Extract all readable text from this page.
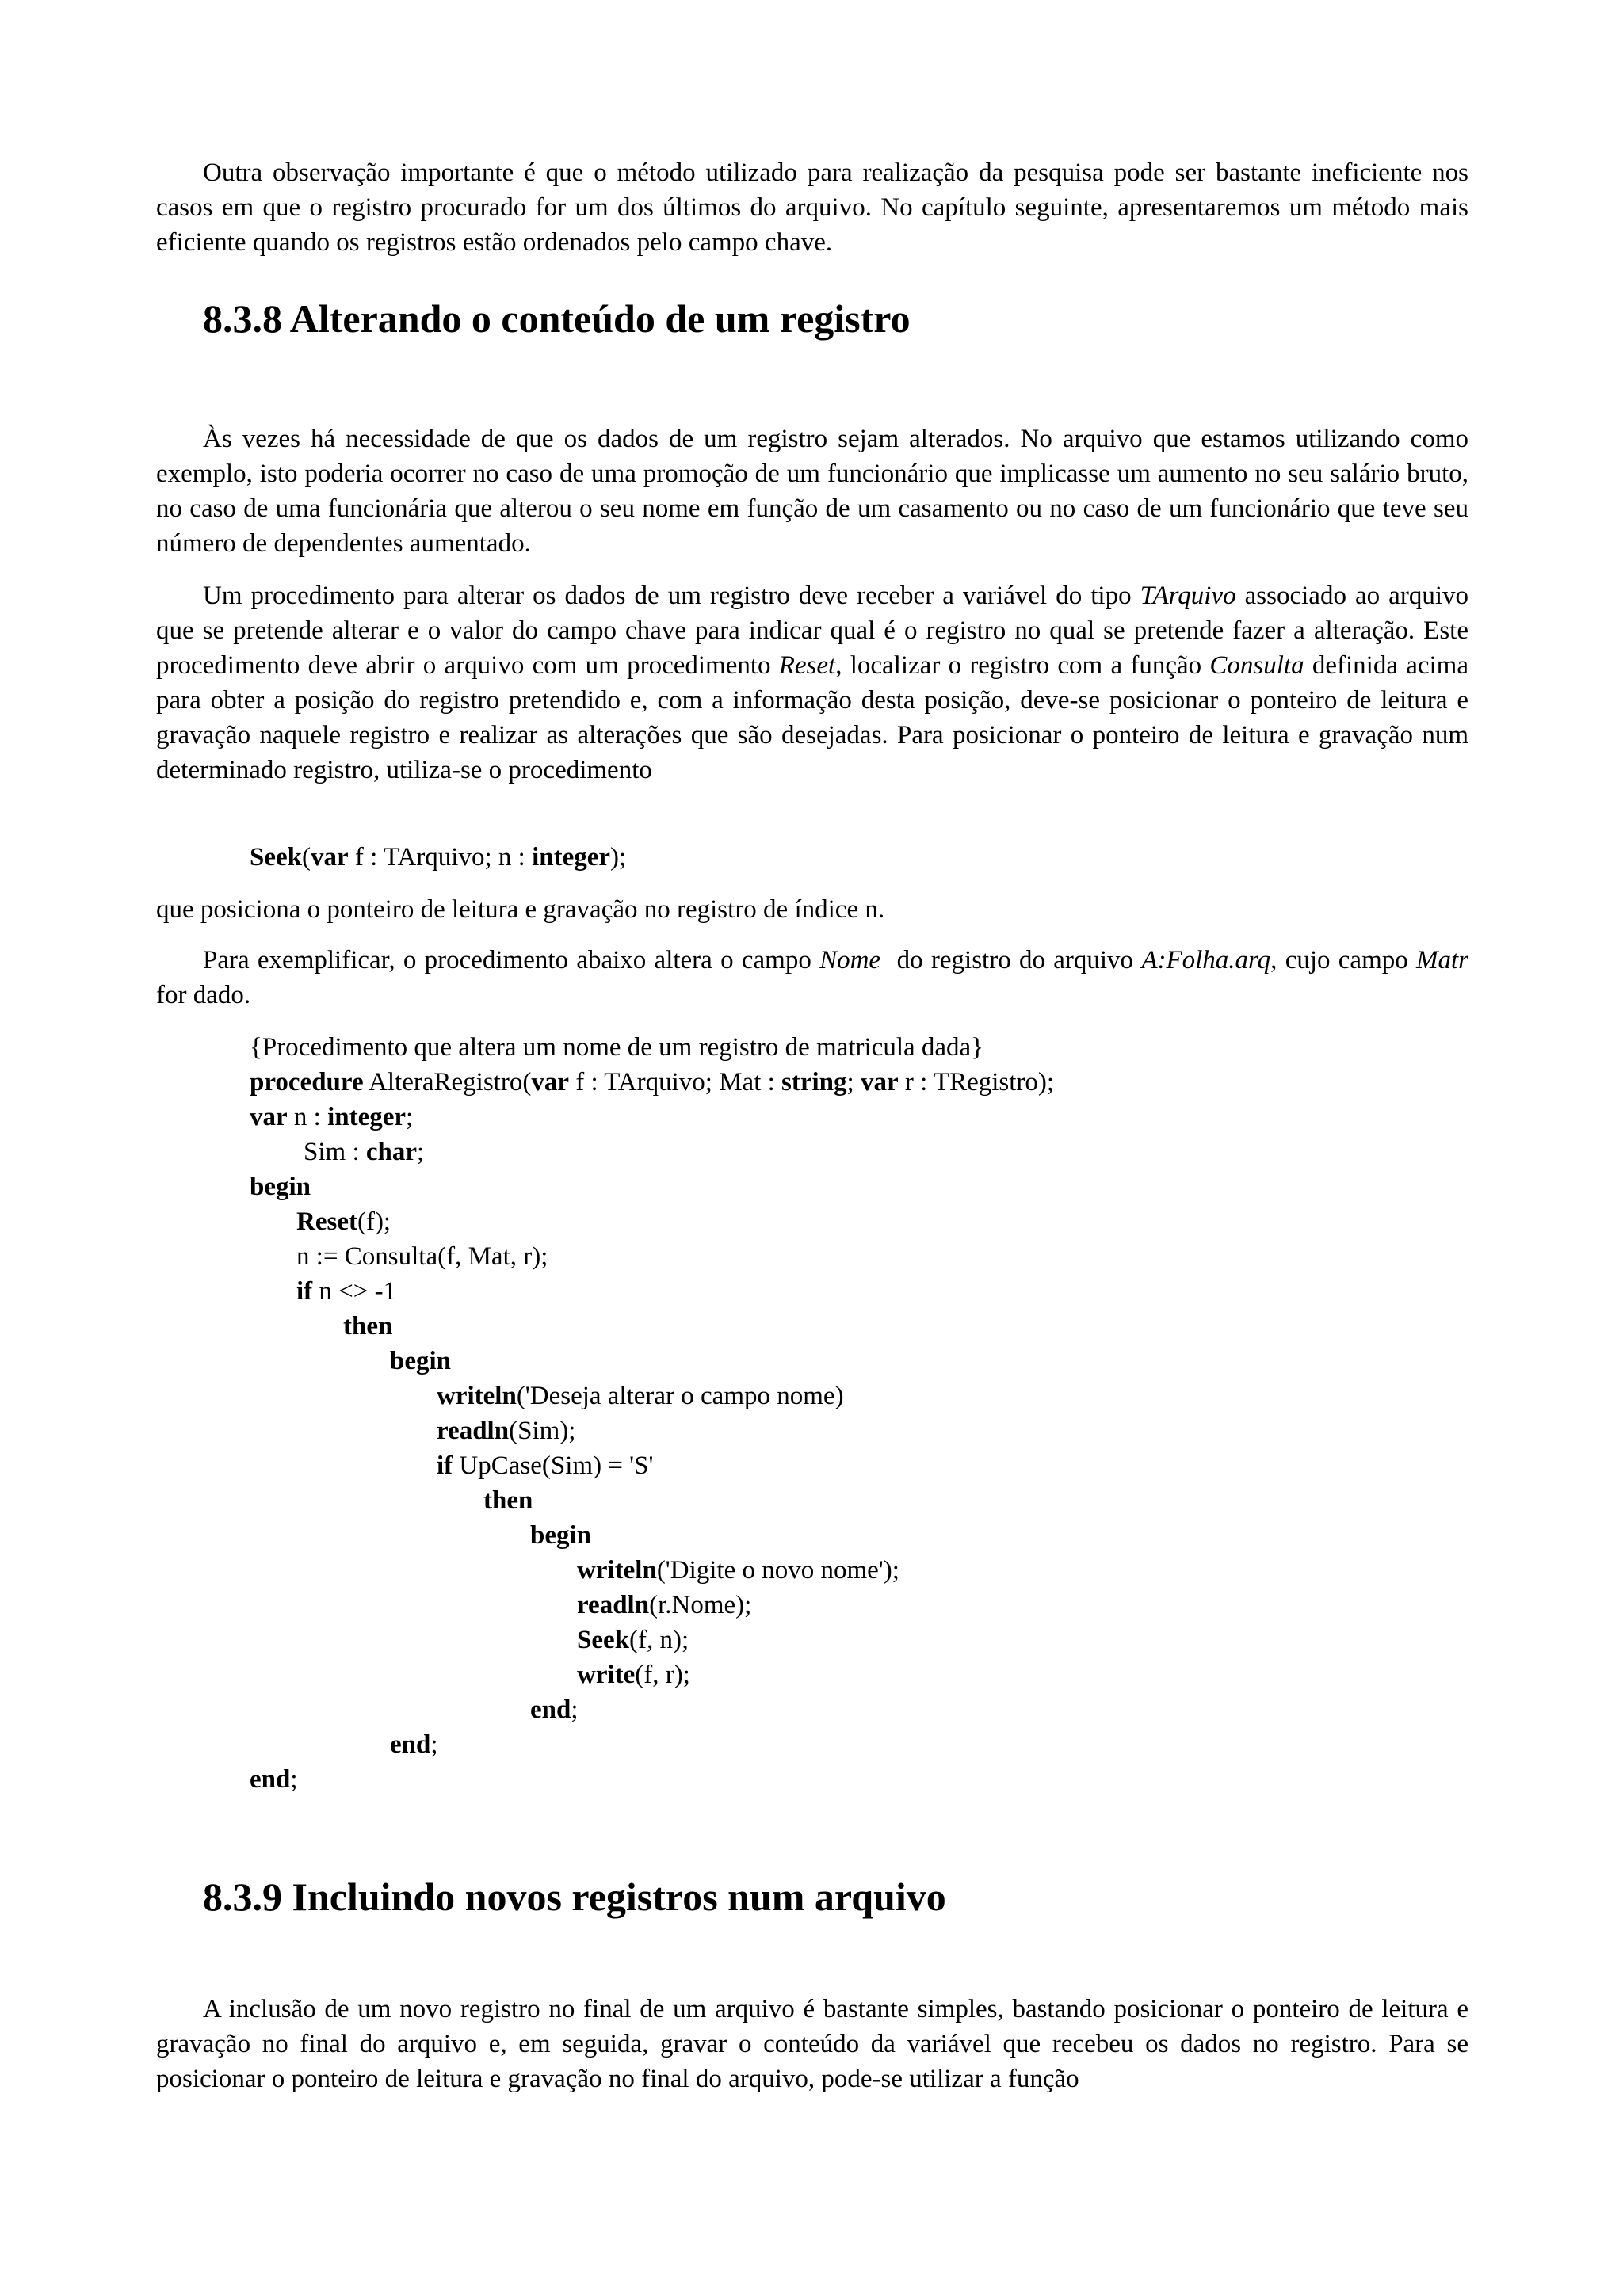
Outra observação importante é que o método utilizado para realização da pesquisa pode ser bastante ineficiente nos casos em que o registro procurado for um dos últimos do arquivo. No capítulo seguinte, apresentaremos um método mais eficiente quando os registros estão ordenados pelo campo chave.

8.3.8 Alterando o conteúdo de um registro

Às vezes há necessidade de que os dados de um registro sejam alterados. No arquivo que estamos utilizando como exemplo, isto poderia ocorrer no caso de uma promoção de um funcionário que implicasse um aumento no seu salário bruto, no caso de uma funcionária que alterou o seu nome em função de um casamento ou no caso de um funcionário que teve seu número de dependentes aumentado.

Um procedimento para alterar os dados de um registro deve receber a variável do tipo TArquivo associado ao arquivo que se pretende alterar e o valor do campo chave para indicar qual é o registro no qual se pretende fazer a alteração. Este procedimento deve abrir o arquivo com um procedimento Reset, localizar o registro com a função Consulta definida acima para obter a posição do registro pretendido e, com a informação desta posição, deve-se posicionar o ponteiro de leitura e gravação naquele registro e realizar as alterações que são desejadas. Para posicionar o ponteiro de leitura e gravação num determinado registro, utiliza-se o procedimento

Seek(var f : TArquivo; n : integer);

que posiciona o ponteiro de leitura e gravação no registro de índice n.

Para exemplificar, o procedimento abaixo altera o campo Nome  do registro do arquivo A:Folha.arq, cujo campo Matr for dado.

{Procedimento que altera um nome de um registro de matricula dada}

procedure AlteraRegistro(var f : TArquivo; Mat : string; var r : TRegistro);

var n : integer;

Sim : char;

begin

Reset(f);

n := Consulta(f, Mat, r);

if n <> -1

then

begin

writeln('Deseja alterar o campo nome)

readln(Sim);

if UpCase(Sim) = 'S'

then

begin

writeln('Digite o novo nome');

readln(r.Nome);

Seek(f, n);

write(f, r);

end;

end;

end;

8.3.9 Incluindo novos registros num arquivo

A inclusão de um novo registro no final de um arquivo é bastante simples, bastando posicionar o ponteiro de leitura e gravação no final do arquivo e, em seguida, gravar o conteúdo da variável que recebeu os dados no registro. Para se posicionar o ponteiro de leitura e gravação no final do arquivo, pode-se utilizar a função
